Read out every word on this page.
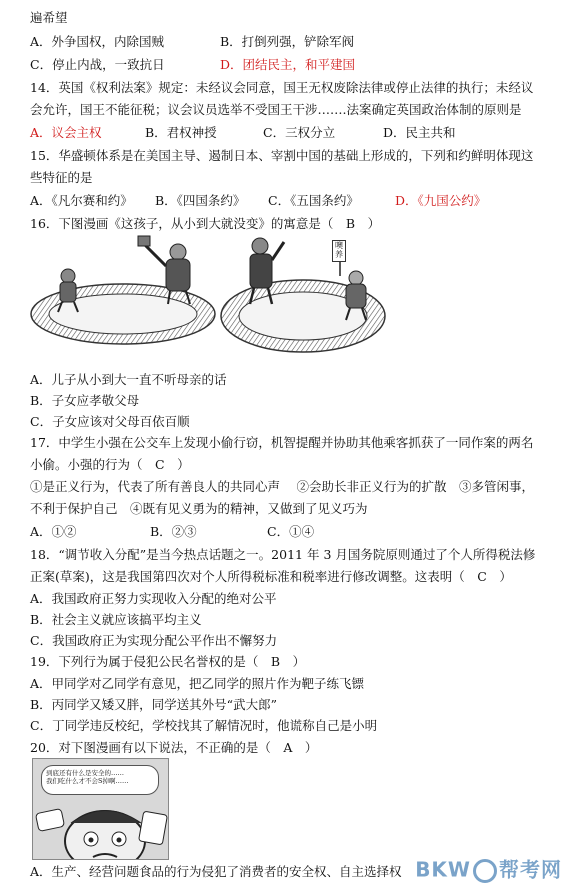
遍希望
A．外争国权，内除国贼	B．打倒列强，铲除军阀
C．停止内战，一致抗日	D．团结民主，和平建国
14．英国《权利法案》规定：未经议会同意，国王无权废除法律或停止法律的执行；未经议
会允许，国王不能征税；议会议员选举不受国王干涉…….法案确定英国政治体制的原则是
A．议会主权	B．君权神授	C．三权分立	D．民主共和
15．华盛顿体系是在美国主导、遏制日本、宰割中国的基础上形成的，下列和约鲜明体现这
些特征的是
A．《凡尔赛和约》 B．《四国条约》 C．《五国条约》	D．《九国公约》
16．下图漫画《这孩子，从小到大就没变》的寓意是（　B　）
噢养
A．儿子从小到大一直不听母亲的话
B．子女应孝敬父母
C．子女应该对父母百依百顺
17．中学生小强在公交车上发现小偷行窃，机智提醒并协助其他乘客抓获了一同作案的两名
小偷。小强的行为（　C　）
①是正义行为，代表了所有善良人的共同心声　 ②会助长非正义行为的扩散　③多管闲事，
不利于保护自己　④既有见义勇为的精神，又做到了见义巧为
A．①②	B．②③	C．①④
18．“调节收入分配”是当今热点话题之一。2011 年 3 月国务院原则通过了个人所得税法修
正案(草案)，这是我国第四次对个人所得税标准和税率进行修改调整。这表明（　C　）
A．我国政府正努力实现收入分配的绝对公平
B．社会主义就应该搞平均主义
C．我国政府正为实现分配公平作出不懈努力
19．下列行为属于侵犯公民名誉权的是（　B　）
A．甲同学对乙同学有意见，把乙同学的照片作为靶子练飞镖
B．丙同学又矮又胖，同学送其外号“武大郎”
C．丁同学违反校纪，学校找其了解情况时，他谎称自己是小明
20．对下图漫画有以下说法，不正确的是（　A　）
到底还有什么是安全的……
我们吃什么才不会S掉啊……
A．生产、经营问题食品的行为侵犯了消费者的安全权、自主选择权 BKW 帮考网
